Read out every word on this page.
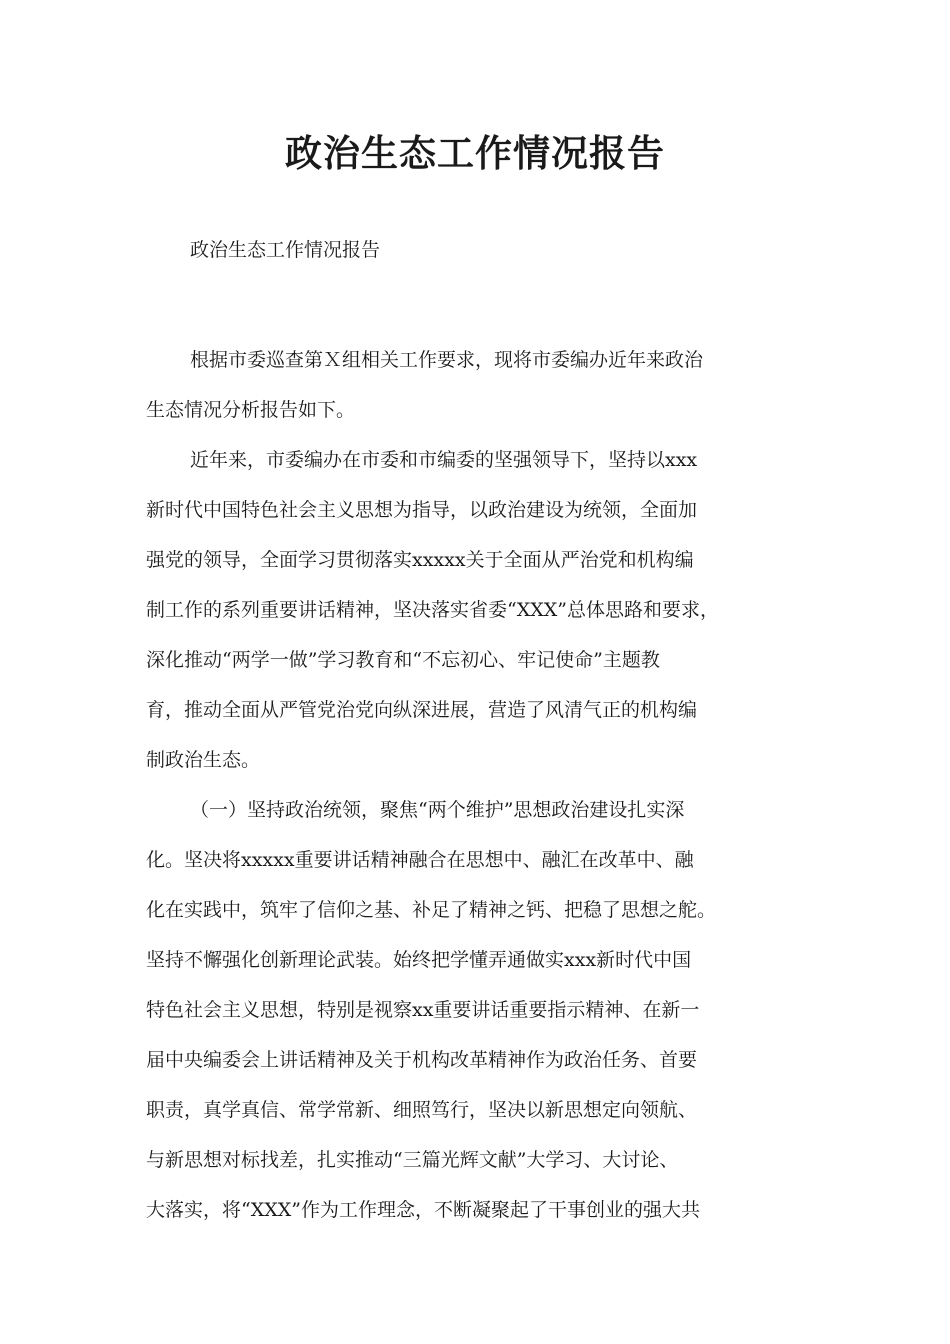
政治生态工作情况报告

政治生态工作情况报告

根据市委巡查第Ｘ组相关工作要求，现将市委编办近年来政治
生态情况分析报告如下。

近年来，市委编办在市委和市编委的坚强领导下，坚持以xxx
新时代中国特色社会主义思想为指导，以政治建设为统领，全面加
强党的领导，全面学习贯彻落实xxxxx关于全面从严治党和机构编
制工作的系列重要讲话精神，坚决落实省委“XXX”总体思路和要求，
深化推动“两学一做”学习教育和“不忘初心、牢记使命”主题教
育，推动全面从严管党治党向纵深进展，营造了风清气正的机构编
制政治生态。

（一）坚持政治统领，聚焦“两个维护”思想政治建设扎实深
化。坚决将xxxxx重要讲话精神融合在思想中、融汇在改革中、融
化在实践中，筑牢了信仰之基、补足了精神之钙、把稳了思想之舵。
坚持不懈强化创新理论武装。始终把学懂弄通做实xxx新时代中国
特色社会主义思想，特别是视察xx重要讲话重要指示精神、在新一
届中央编委会上讲话精神及关于机构改革精神作为政治任务、首要
职责，真学真信、常学常新、细照笃行，坚决以新思想定向领航、
与新思想对标找差，扎实推动“三篇光辉文献”大学习、大讨论、
大落实，将“XXX”作为工作理念，不断凝聚起了干事创业的强大共
